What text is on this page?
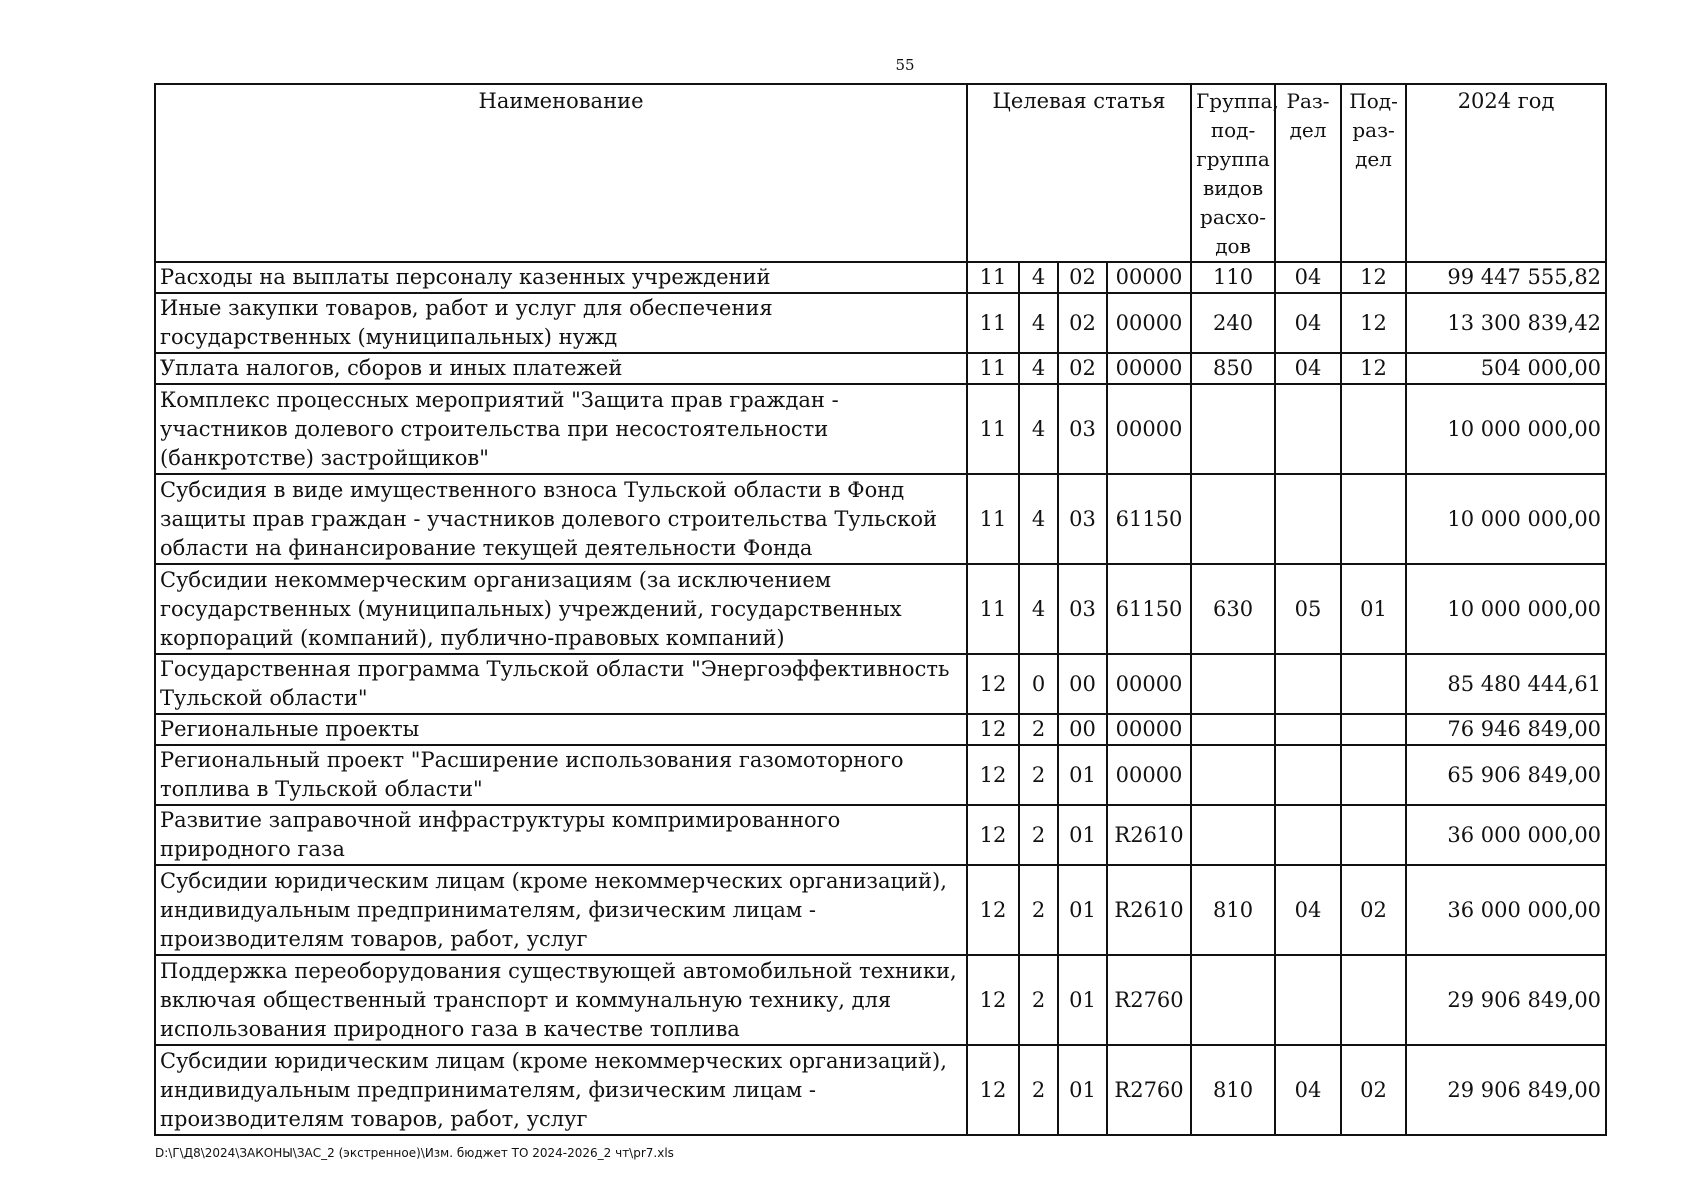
55
Наименование	Целевая статья				Группа, под- группа видов расхо- дов	Раз- дел	Под- раз- дел	2024 год
Расходы на выплаты персоналу казенных учреждений	11	4	02	00000	110	04	12	99 447 555,82
Иные закупки товаров, работ и услуг для обеспечения государственных (муниципальных) нужд	11	4	02	00000	240	04	12	13 300 839,42
Уплата налогов, сборов и иных платежей	11	4	02	00000	850	04	12	504 000,00
Комплекс процессных мероприятий "Защита прав граждан - участников долевого строительства при несостоятельности (банкротстве) застройщиков"	11	4	03	00000				10 000 000,00
Субсидия в виде имущественного взноса Тульской области в Фонд защиты прав граждан - участников долевого строительства Тульской области на финансирование текущей деятельности Фонда	11	4	03	61150				10 000 000,00
Субсидии некоммерческим организациям (за исключением государственных (муниципальных) учреждений, государственных корпораций (компаний), публично-правовых компаний)	11	4	03	61150	630	05	01	10 000 000,00
Государственная программа Тульской области "Энергоэффективность Тульской области"	12	0	00	00000				85 480 444,61
Региональные проекты	12	2	00	00000				76 946 849,00
Региональный проект "Расширение использования газомоторного топлива в Тульской области"	12	2	01	00000				65 906 849,00
Развитие заправочной инфраструктуры компримированного природного газа	12	2	01	R2610				36 000 000,00
Субсидии юридическим лицам (кроме некоммерческих организаций), индивидуальным предпринимателям, физическим лицам - производителям товаров, работ, услуг	12	2	01	R2610	810	04	02	36 000 000,00
Поддержка переоборудования существующей автомобильной техники, включая общественный транспорт и коммунальную технику, для использования природного газа в качестве топлива	12	2	01	R2760				29 906 849,00
Субсидии юридическим лицам (кроме некоммерческих организаций), индивидуальным предпринимателям, физическим лицам - производителям товаров, работ, услуг	12	2	01	R2760	810	04	02	29 906 849,00
D:\Г\Д8\2024\ЗАКОНЫ\ЗАС_2 (экстренное)\Изм. бюджет ТО 2024-2026_2 чт\pr7.xls
